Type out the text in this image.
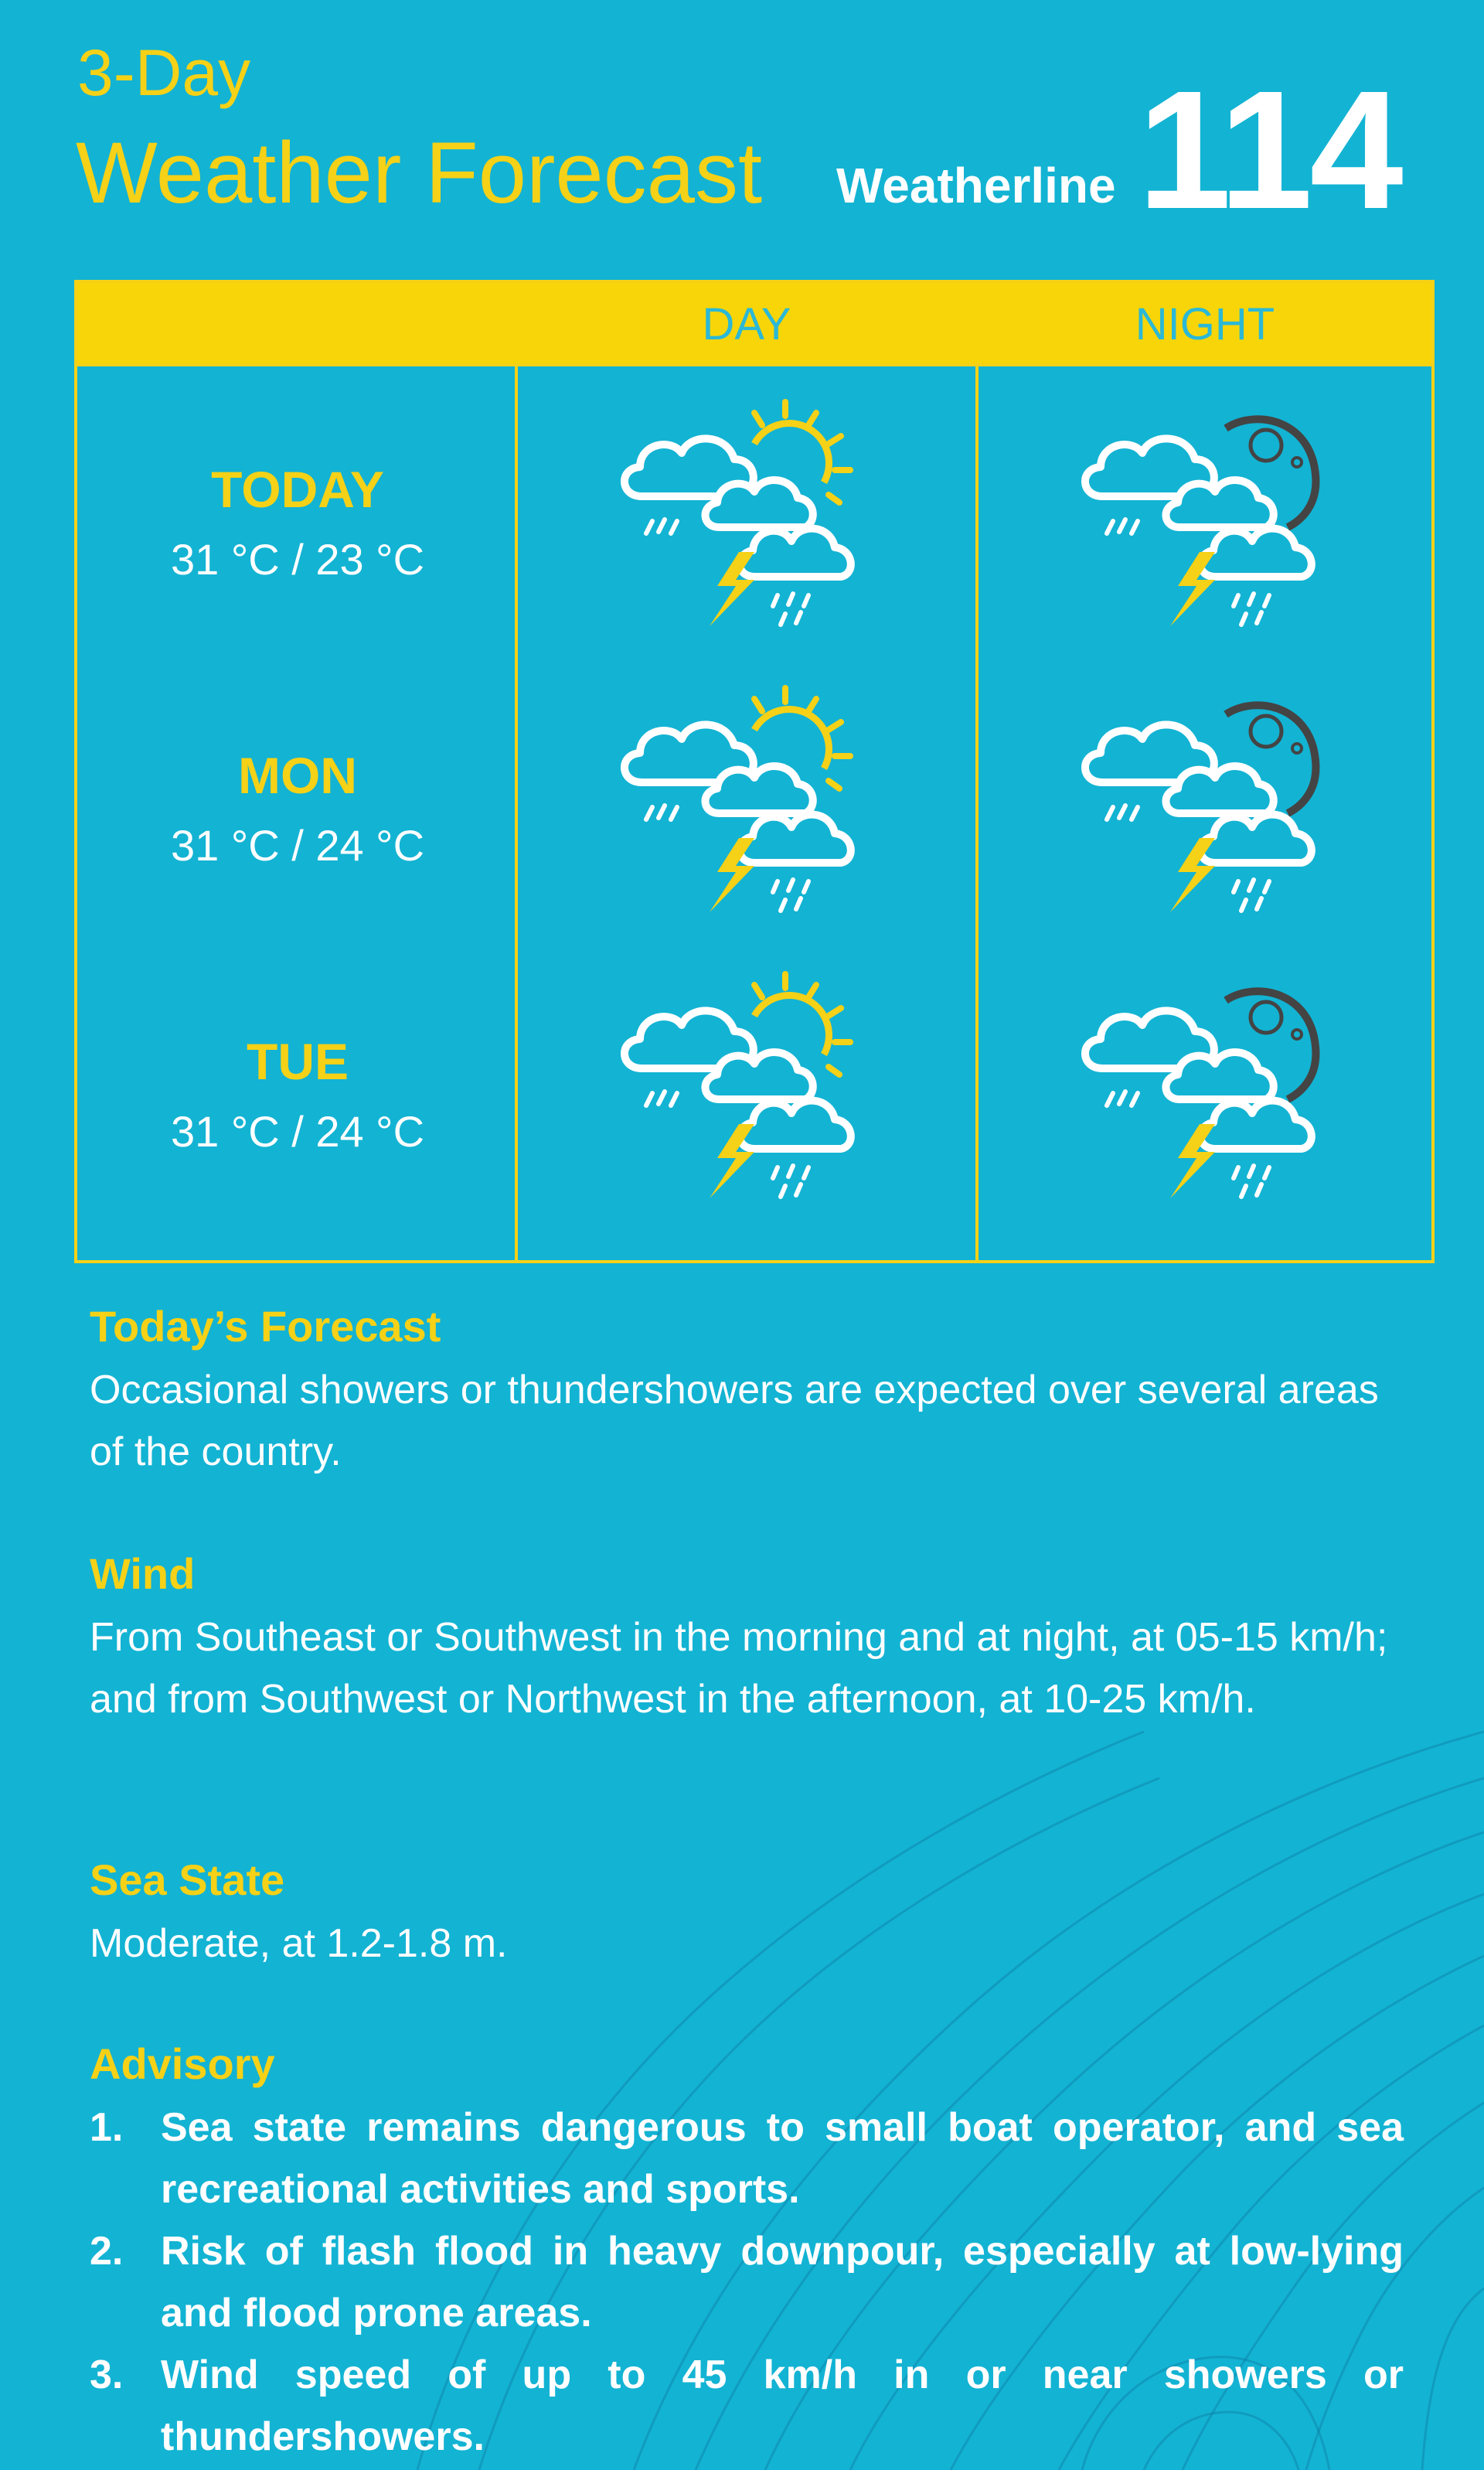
3-Day
Weather Forecast Weatherline 114
DAY	NIGHT
TODAY
31 °C / 23 °C
MON
31 °C / 24 °C
TUE
31 °C / 24 °C

Today’s Forecast

Occasional showers or thundershowers are expected over several areas of the country.

Wind

From Southeast or Southwest in the morning and at night, at 05-15 km/h; and from Southwest or Northwest in the afternoon, at 10-25 km/h.

Sea State

Moderate, at 1.2-1.8 m.

Advisory

1. Sea state remains dangerous to small boat operator, and sea recreational activities and sports.
2. Risk of flash flood in heavy downpour, especially at low-lying and flood prone areas.
3. Wind speed of up to 45 km/h in or near showers or thundershowers.
